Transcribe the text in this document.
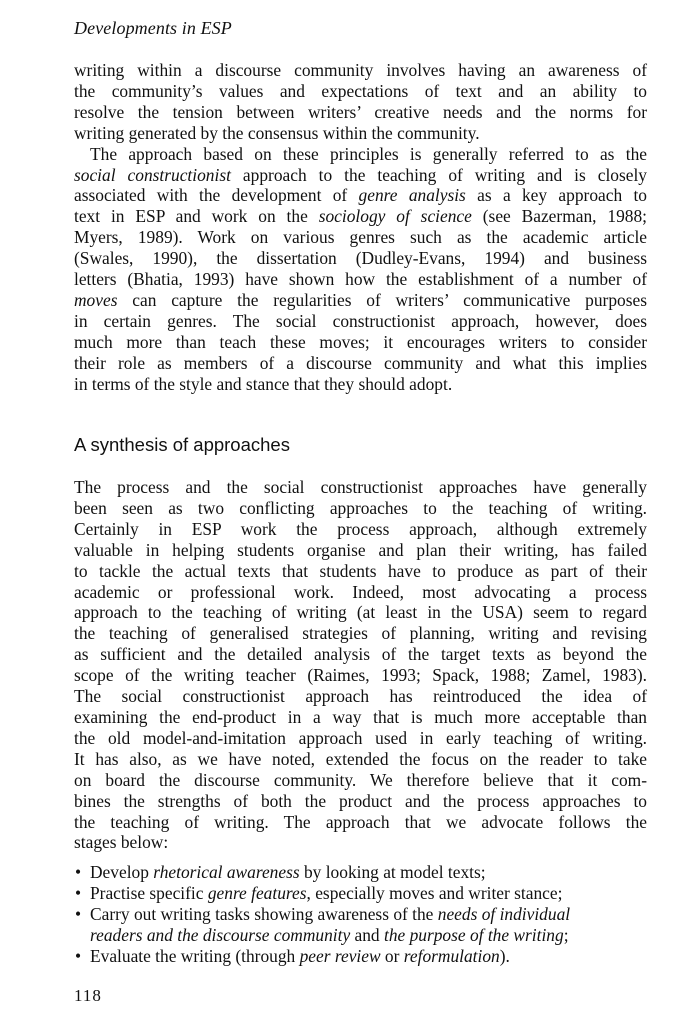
Developments in ESP
writing within a discourse community involves having an awareness of
the community’s values and expectations of text and an ability to
resolve the tension between writers’ creative needs and the norms for
writing generated by the consensus within the community.
The approach based on these principles is generally referred to as the
social constructionist approach to the teaching of writing and is closely
associated with the development of genre analysis as a key approach to
text in ESP and work on the sociology of science (see Bazerman, 1988;
Myers, 1989). Work on various genres such as the academic article
(Swales, 1990), the dissertation (Dudley-Evans, 1994) and business
letters (Bhatia, 1993) have shown how the establishment of a number of
moves can capture the regularities of writers’ communicative purposes
in certain genres. The social constructionist approach, however, does
much more than teach these moves; it encourages writers to consider
their role as members of a discourse community and what this implies
in terms of the style and stance that they should adopt.
A synthesis of approaches
The process and the social constructionist approaches have generally
been seen as two conflicting approaches to the teaching of writing.
Certainly in ESP work the process approach, although extremely
valuable in helping students organise and plan their writing, has failed
to tackle the actual texts that students have to produce as part of their
academic or professional work. Indeed, most advocating a process
approach to the teaching of writing (at least in the USA) seem to regard
the teaching of generalised strategies of planning, writing and revising
as sufficient and the detailed analysis of the target texts as beyond the
scope of the writing teacher (Raimes, 1993; Spack, 1988; Zamel, 1983).
The social constructionist approach has reintroduced the idea of
examining the end-product in a way that is much more acceptable than
the old model-and-imitation approach used in early teaching of writing.
It has also, as we have noted, extended the focus on the reader to take
on board the discourse community. We therefore believe that it com-
bines the strengths of both the product and the process approaches to
the teaching of writing. The approach that we advocate follows the
stages below:
• Develop rhetorical awareness by looking at model texts;
• Practise specific genre features, especially moves and writer stance;
• Carry out writing tasks showing awareness of the needs of individual
readers and the discourse community and the purpose of the writing;
• Evaluate the writing (through peer review or reformulation).
118
